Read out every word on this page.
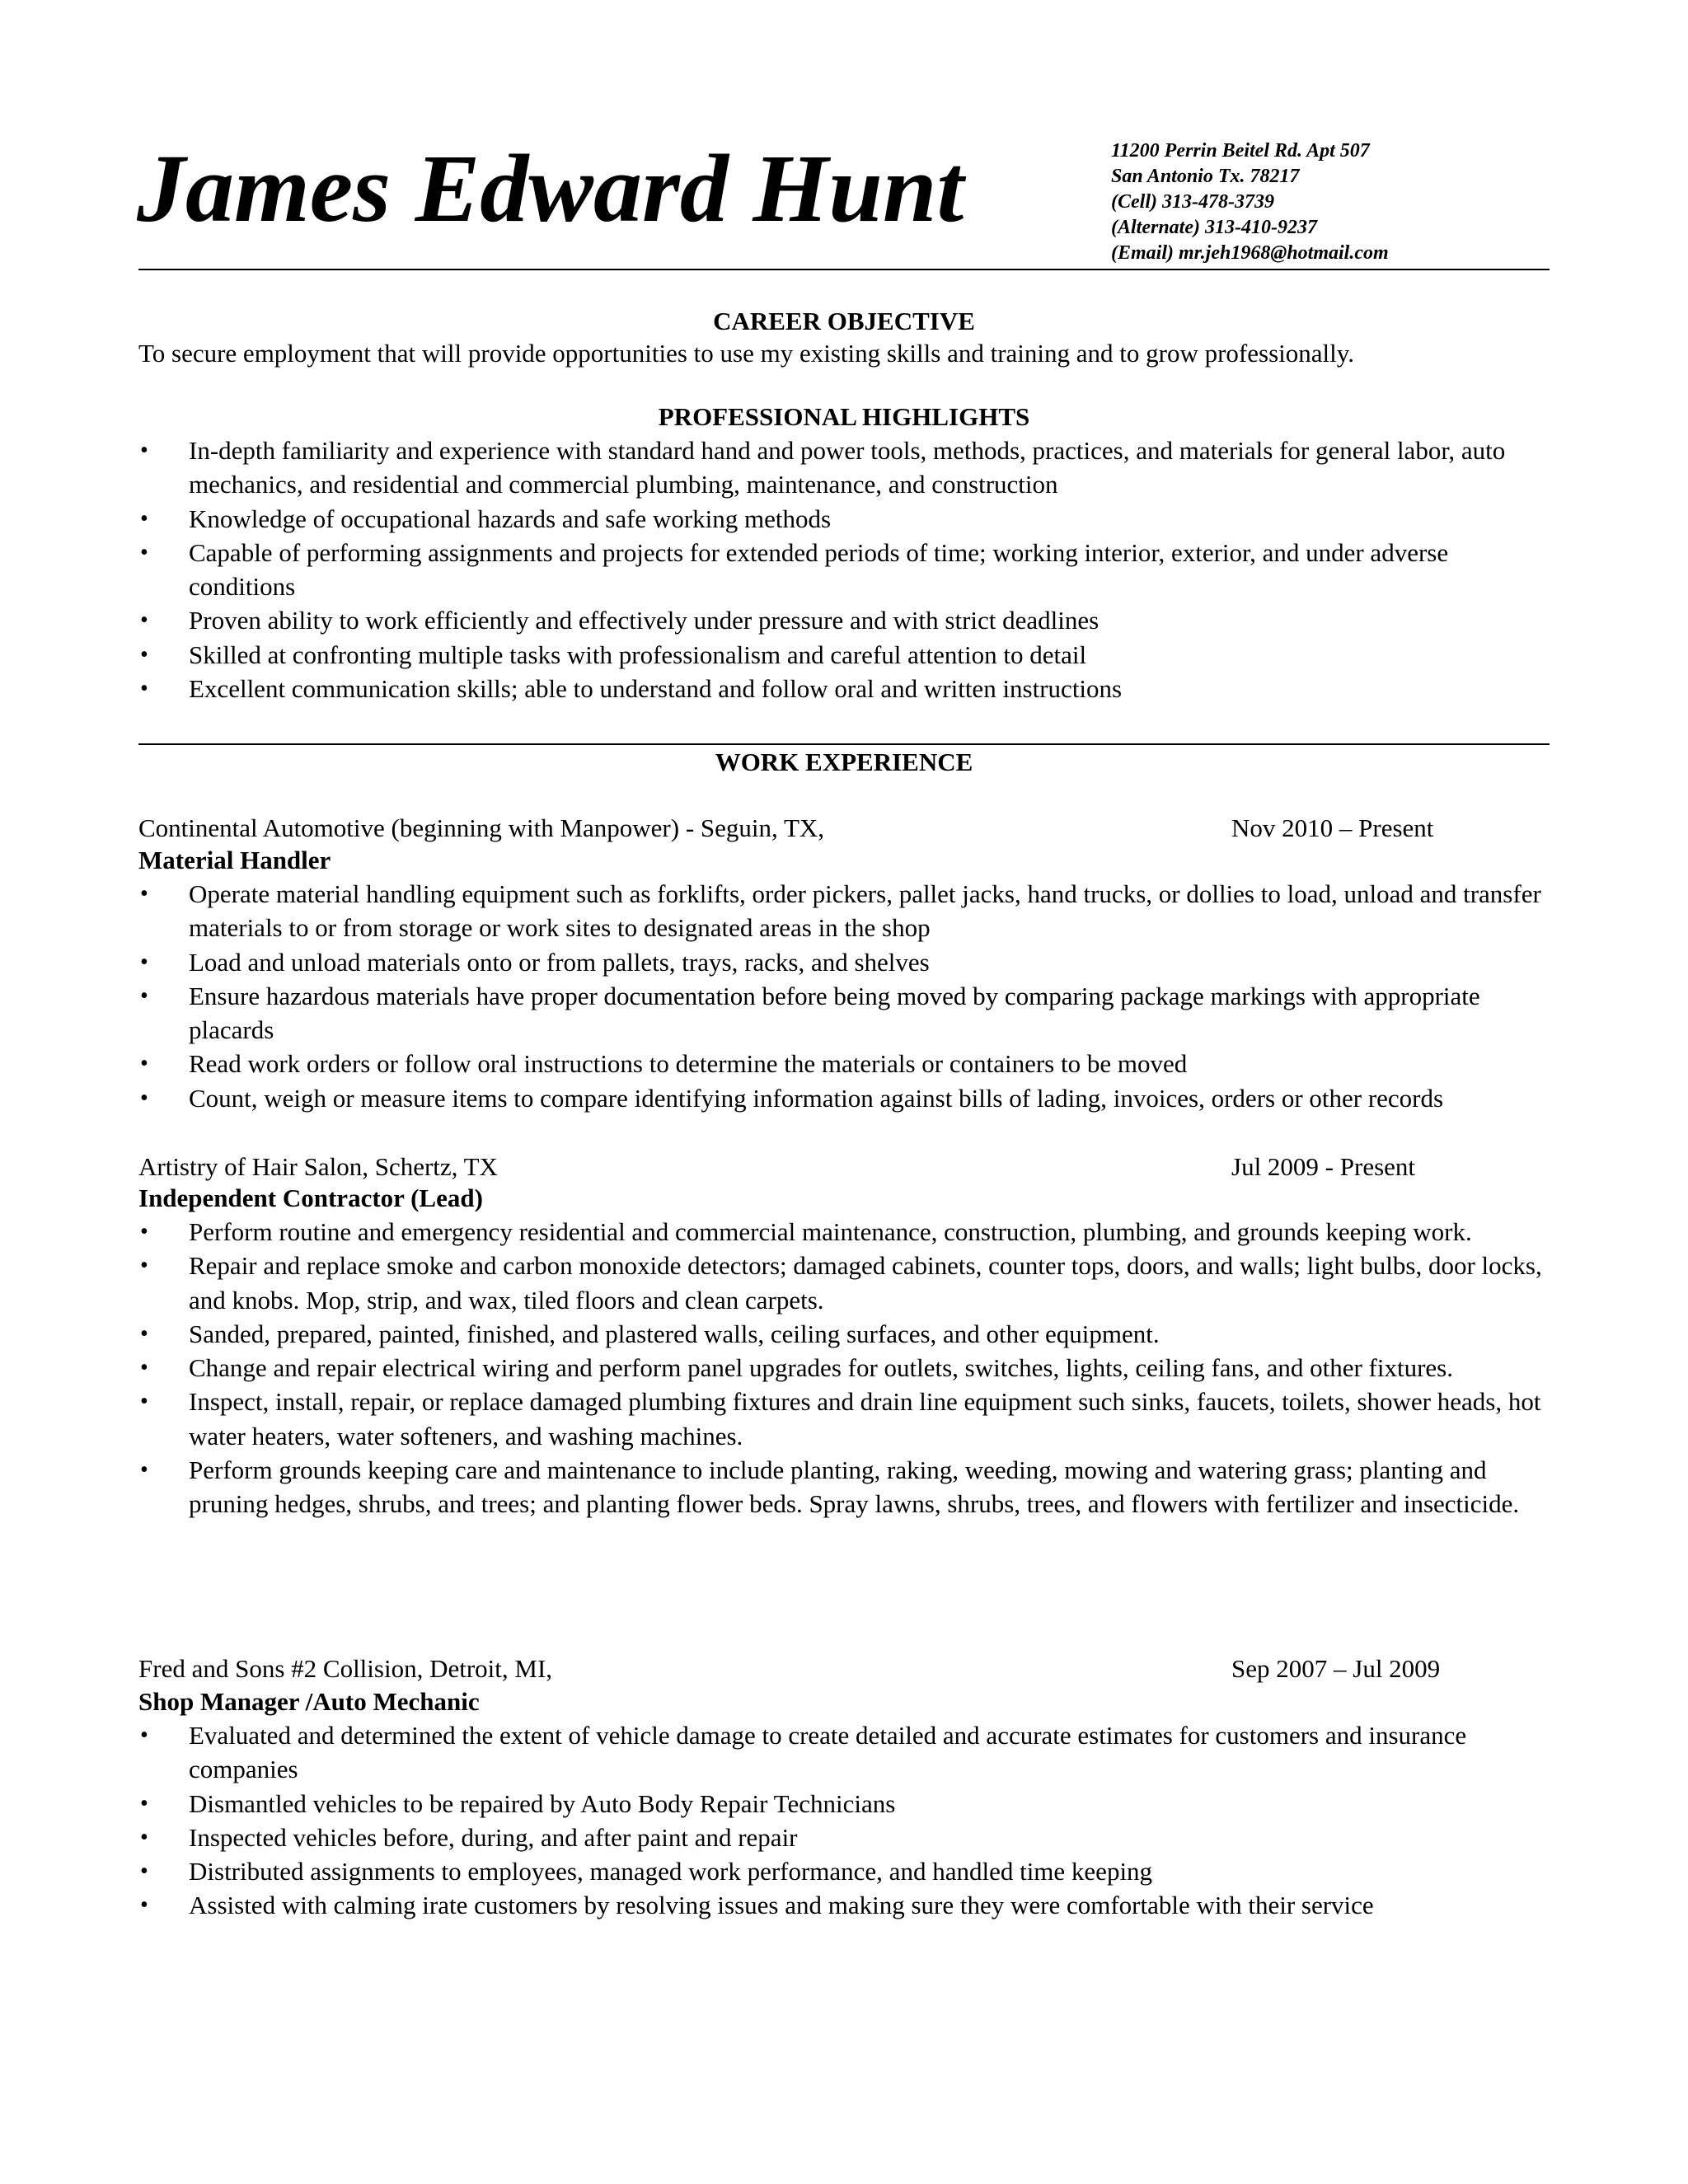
James Edward Hunt	11200 Perrin Beitel Rd. Apt 507
San Antonio Tx. 78217
(Cell) 313-478-3739
(Alternate) 313-410-9237
(Email) mr.jeh1968@hotmail.com
CAREER OBJECTIVE
To secure employment that will provide opportunities to use my existing skills and training and to grow professionally.
PROFESSIONAL HIGHLIGHTS
• In-depth familiarity and experience with standard hand and power tools, methods, practices, and materials for general labor, auto mechanics, and residential and commercial plumbing, maintenance, and construction
• Knowledge of occupational hazards and safe working methods
• Capable of performing assignments and projects for extended periods of time; working interior, exterior, and under adverse conditions
• Proven ability to work efficiently and effectively under pressure and with strict deadlines
• Skilled at confronting multiple tasks with professionalism and careful attention to detail
• Excellent communication skills; able to understand and follow oral and written instructions
WORK EXPERIENCE
Continental Automotive (beginning with Manpower) - Seguin, TX,	Nov 2010 – Present
Material Handler
• Operate material handling equipment such as forklifts, order pickers, pallet jacks, hand trucks, or dollies to load, unload and transfer materials to or from storage or work sites to designated areas in the shop
• Load and unload materials onto or from pallets, trays, racks, and shelves
• Ensure hazardous materials have proper documentation before being moved by comparing package markings with appropriate placards
• Read work orders or follow oral instructions to determine the materials or containers to be moved
• Count, weigh or measure items to compare identifying information against bills of lading, invoices, orders or other records
Artistry of Hair Salon, Schertz, TX	Jul 2009 - Present
Independent Contractor (Lead)
• Perform routine and emergency residential and commercial maintenance, construction, plumbing, and grounds keeping work.
• Repair and replace smoke and carbon monoxide detectors; damaged cabinets, counter tops, doors, and walls; light bulbs, door locks, and knobs. Mop, strip, and wax, tiled floors and clean carpets.
• Sanded, prepared, painted, finished, and plastered walls, ceiling surfaces, and other equipment.
• Change and repair electrical wiring and perform panel upgrades for outlets, switches, lights, ceiling fans, and other fixtures.
• Inspect, install, repair, or replace damaged plumbing fixtures and drain line equipment such sinks, faucets, toilets, shower heads, hot water heaters, water softeners, and washing machines.
• Perform grounds keeping care and maintenance to include planting, raking, weeding, mowing and watering grass; planting and pruning hedges, shrubs, and trees; and planting flower beds. Spray lawns, shrubs, trees, and flowers with fertilizer and insecticide.
Fred and Sons #2 Collision, Detroit, MI,	Sep 2007 – Jul 2009
Shop Manager /Auto Mechanic
• Evaluated and determined the extent of vehicle damage to create detailed and accurate estimates for customers and insurance companies
• Dismantled vehicles to be repaired by Auto Body Repair Technicians
• Inspected vehicles before, during, and after paint and repair
• Distributed assignments to employees, managed work performance, and handled time keeping
• Assisted with calming irate customers by resolving issues and making sure they were comfortable with their service
